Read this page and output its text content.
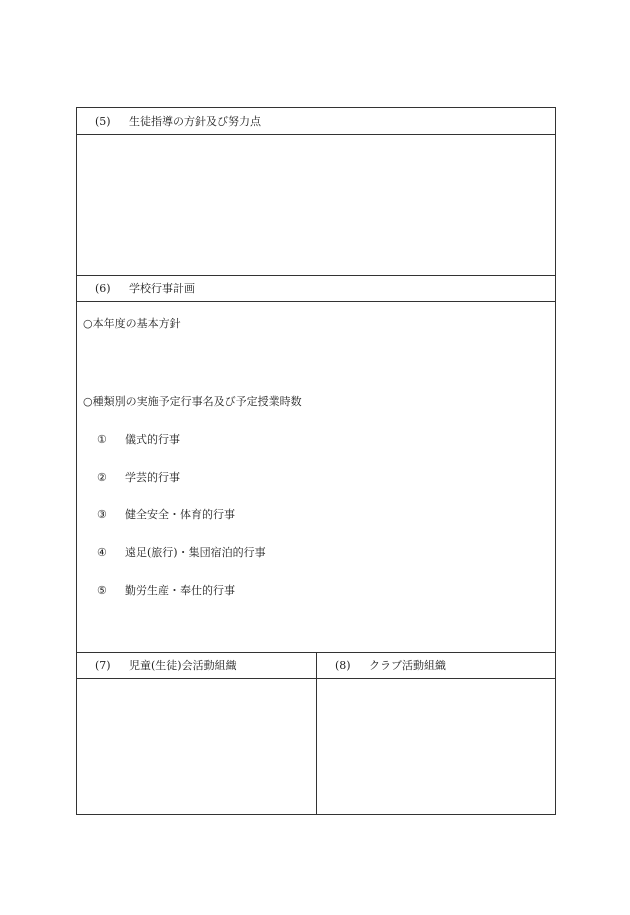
(5)	生徒指導の方針及び努力点
(6)	学校行事計画
○本年度の基本方針
○種類別の実施予定行事名及び予定授業時数
① 儀式的行事
② 学芸的行事
③ 健全安全・体育的行事
④ 遠足(旅行)・集団宿泊的行事
⑤ 勤労生産・奉仕的行事
(7)	児童(生徒)会活動組織	(8)	クラブ活動組織
